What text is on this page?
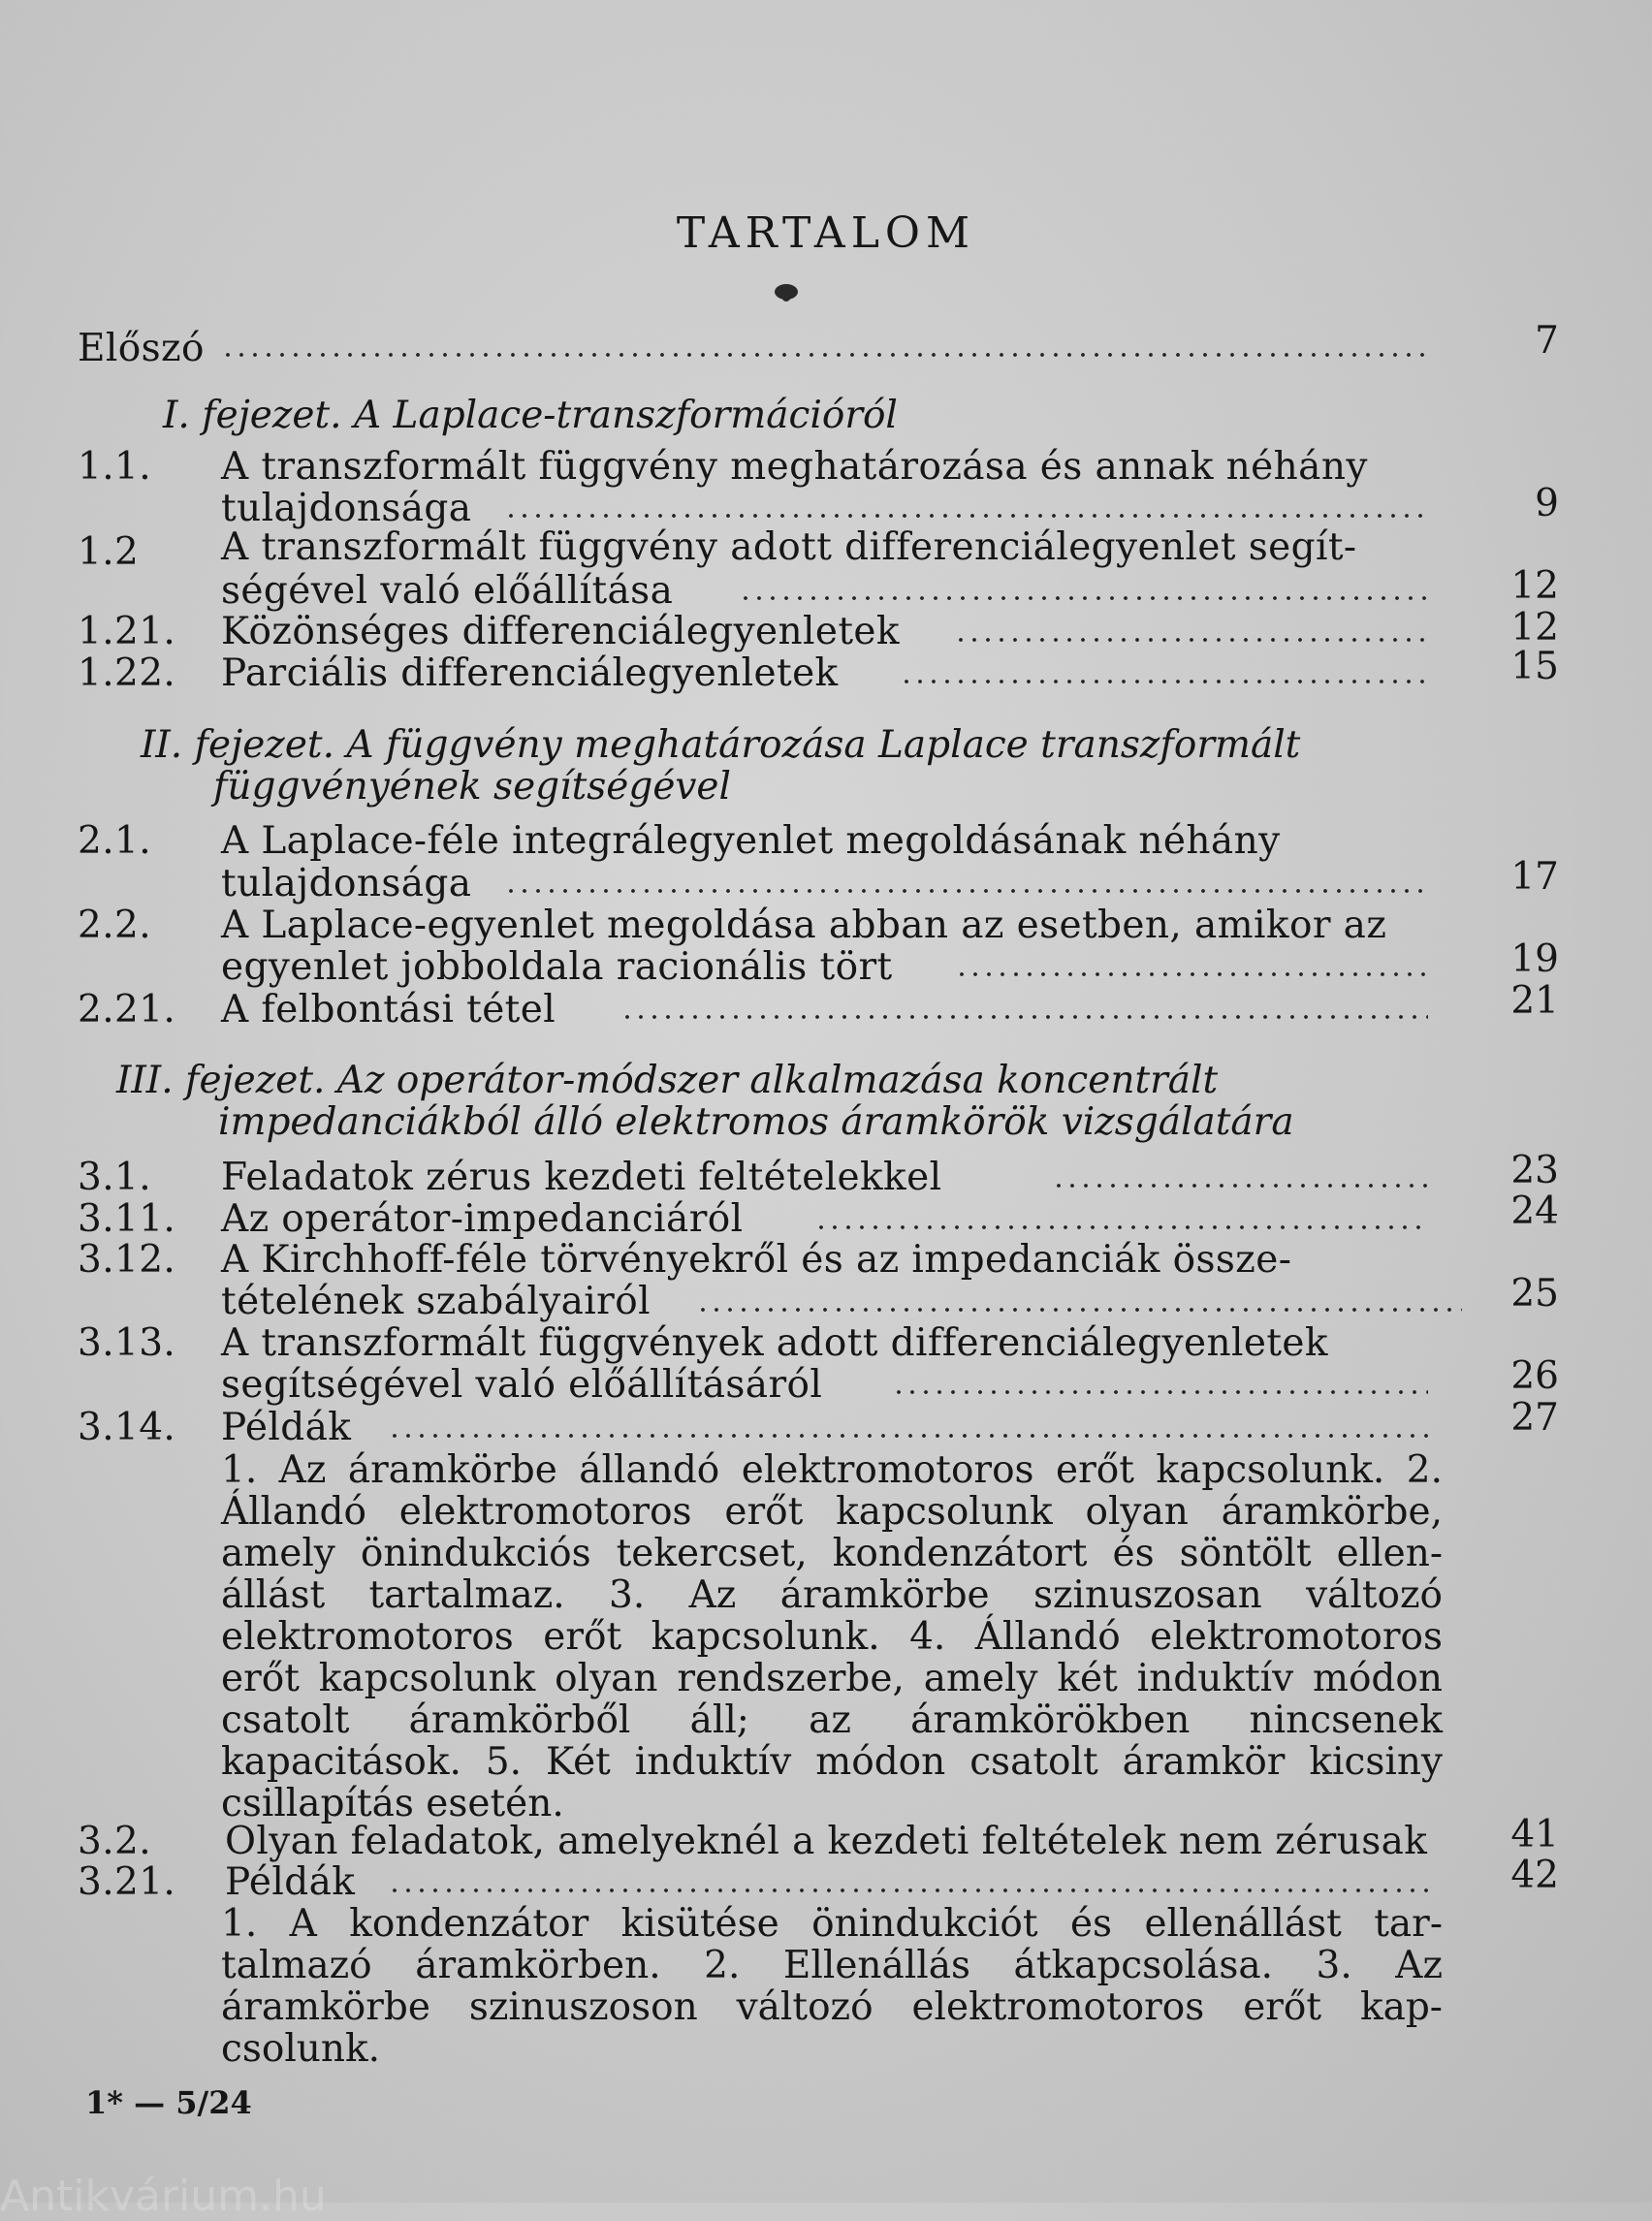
TARTALOM
Előszó	7
I. fejezet. A Laplace-transzformációról
1.1. A transzformált függvény meghatározása és annak néhány
tulajdonsága	9
1.2 A transzformált függvény adott differenciálegyenlet segít-
ségével való előállítása	12
1.21. Közönséges differenciálegyenletek	12
1.22. Parciális differenciálegyenletek	15
II. fejezet. A függvény meghatározása Laplace transzformált
függvényének segítségével
2.1. A Laplace-féle integrálegyenlet megoldásának néhány
tulajdonsága	17
2.2. A Laplace-egyenlet megoldása abban az esetben, amikor az
egyenlet jobboldala racionális tört	19
2.21. A felbontási tétel	21
III. fejezet. Az operátor-módszer alkalmazása koncentrált
impedanciákból álló elektromos áramkörök vizsgálatára
3.1. Feladatok zérus kezdeti feltételekkel	23
3.11. Az operátor-impedanciáról	24
3.12. A Kirchhoff-féle törvényekről és az impedanciák össze-
tételének szabályairól	25
3.13. A transzformált függvények adott differenciálegyenletek
segítségével való előállításáról	26
3.14. Példák	27
1. Az áramkörbe állandó elektromotoros erőt kapcsolunk. 2. Állandó elektromotoros erőt kapcsolunk olyan áramkörbe, amely önindukciós tekercset, kondenzátort és söntölt ellen-állást tartalmaz. 3. Az áramkörbe szinuszosan változó elektromotoros erőt kapcsolunk. 4. Állandó elektromotoros erőt kapcsolunk olyan rendszerbe, amely két induktív módon csatolt áramkörből áll; az áramkörökben nincsenek kapacitások. 5. Két induktív módon csatolt áramkör kicsiny csillapítás esetén.
3.2. Olyan feladatok, amelyeknél a kezdeti feltételek nem zérusak 41
3.21. Példák	42
1. A kondenzátor kisütése önindukciót és ellenállást tar-talmazó áramkörben. 2. Ellenállás átkapcsolása. 3. Az áramkörbe szinuszoson változó elektromotoros erőt kap-csolunk.
1* — 5/24
Antikvárium.hu
